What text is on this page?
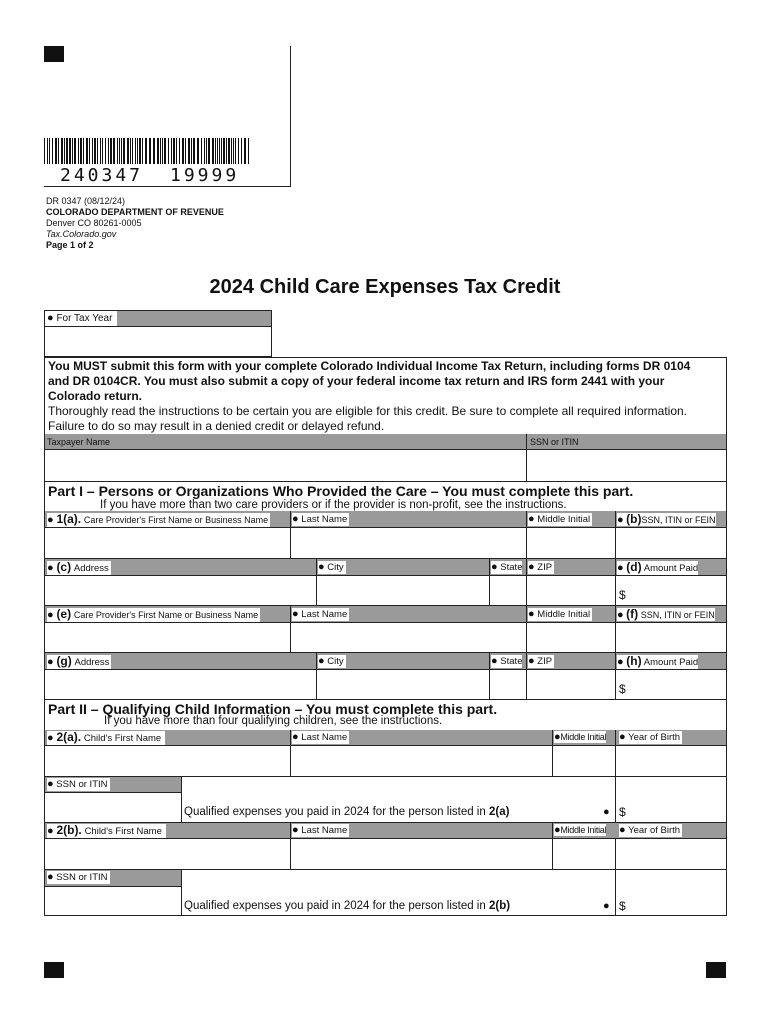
240347 19999
DR 0347 (08/12/24)
COLORADO DEPARTMENT OF REVENUE
Denver CO 80261-0005
Tax.Colorado.gov
Page 1 of 2
2024 Child Care Expenses Tax Credit
● For Tax Year
You MUST submit this form with your complete Colorado Individual Income Tax Return, including forms DR 0104
and DR 0104CR. You must also submit a copy of your federal income tax return and IRS form 2441 with your
Colorado return.
Thoroughly read the instructions to be certain you are eligible for this credit. Be sure to complete all required information.
Failure to do so may result in a denied credit or delayed refund.
Taxpayer Name	SSN or ITIN
Part I – Persons or Organizations Who Provided the Care – You must complete this part.
If you have more than two care providers or if the provider is non-profit, see the instructions.
● 1(a). Care Provider's First Name or Business Name ● Last Name	● Middle Initial ● (b)SSN, ITIN or FEIN
● (c) Address	● City	● State ● ZIP	● (d) Amount Paid
$
● (e) Care Provider's First Name or Business Name	● Last Name	● Middle Initial ● (f) SSN, ITIN or FEIN
● (g) Address	● City	● State ● ZIP	● (h) Amount Paid
$
Part II – Qualifying Child Information – You must complete this part.
If you have more than four qualifying children, see the instructions.
● 2(a). Child's First Name	● Last Name	●Middle Initial ● Year of Birth
● SSN or ITIN
Qualified expenses you paid in 2024 for the person listed in 2(a)	● $
● 2(b). Child's First Name	● Last Name	●Middle Initial ● Year of Birth
● SSN or ITIN
Qualified expenses you paid in 2024 for the person listed in 2(b)	● $
